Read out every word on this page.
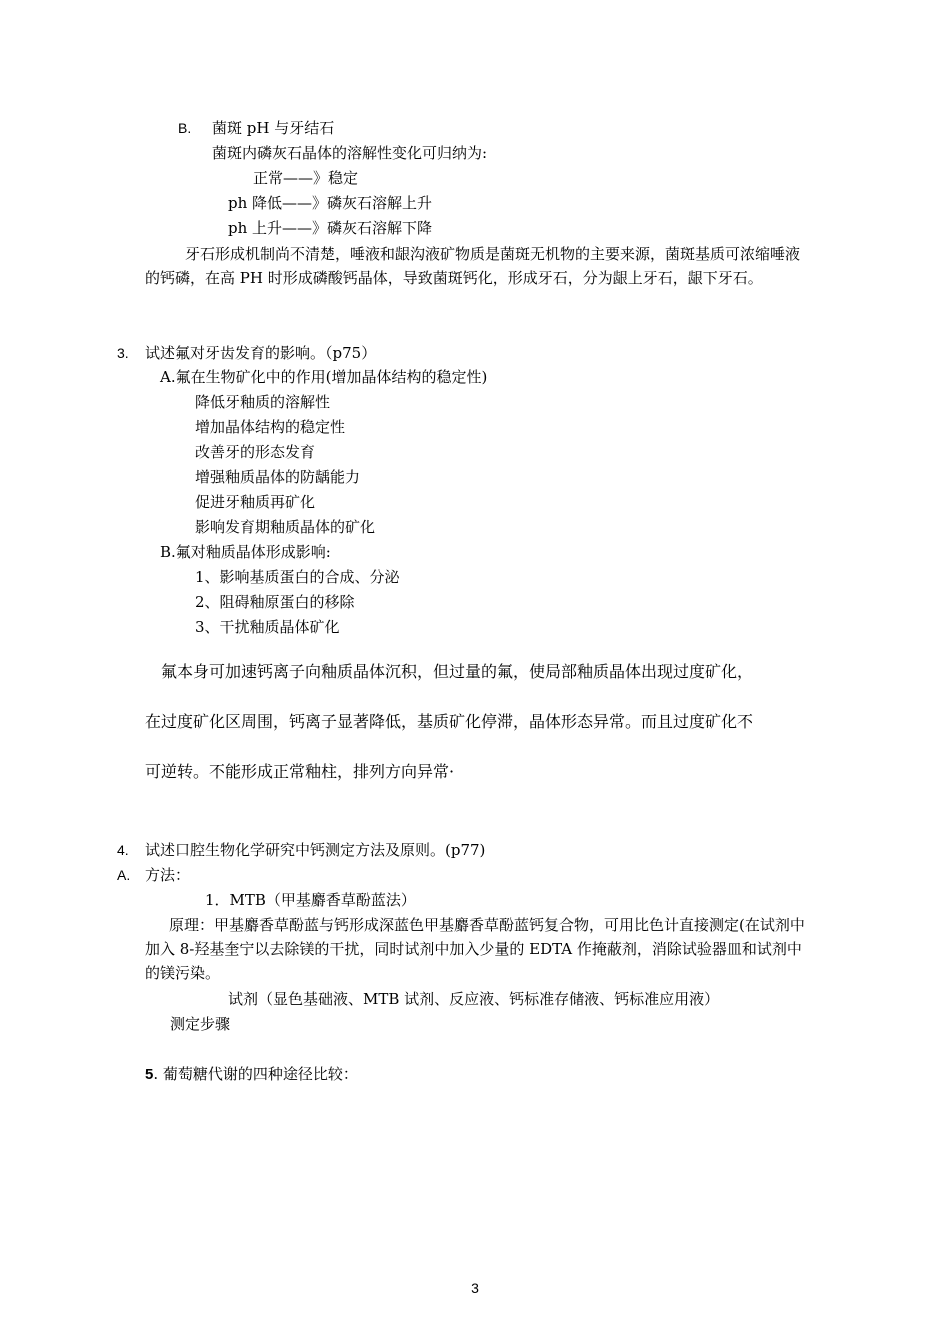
B. 菌斑 pH 与牙结石
菌斑内磷灰石晶体的溶解性变化可归纳为:
正常——》稳定
ph 降低——》磷灰石溶解上升
ph 上升——》磷灰石溶解下降
牙石形成机制尚不清楚，唾液和龈沟液矿物质是菌斑无机物的主要来源，菌斑基质可浓缩唾液的钙磷，在高 PH 时形成磷酸钙晶体，导致菌斑钙化，形成牙石，分为龈上牙石，龈下牙石。
3. 试述氟对牙齿发育的影响。（p75）
A.氟在生物矿化中的作用(增加晶体结构的稳定性)
降低牙釉质的溶解性
增加晶体结构的稳定性
改善牙的形态发育
增强釉质晶体的防龋能力
促进牙釉质再矿化
影响发育期釉质晶体的矿化
B.氟对釉质晶体形成影响:
1、影响基质蛋白的合成、分泌
2、阻碍釉原蛋白的移除
3、干扰釉质晶体矿化
氟本身可加速钙离子向釉质晶体沉积，但过量的氟，使局部釉质晶体出现过度矿化，
在过度矿化区周围，钙离子显著降低，基质矿化停滞，晶体形态异常。而且过度矿化不
可逆转。不能形成正常釉柱，排列方向异常·
4. 试述口腔生物化学研究中钙测定方法及原则。(p77)
A. 方法：
1．MTB（甲基麝香草酚蓝法）
原理：甲基麝香草酚蓝与钙形成深蓝色甲基麝香草酚蓝钙复合物，可用比色计直接测定(在试剂中加入 8-羟基奎宁以去除镁的干扰，同时试剂中加入少量的 EDTA 作掩蔽剂，消除试验器皿和试剂中的镁污染。
试剂（显色基础液、MTB 试剂、反应液、钙标准存储液、钙标准应用液）
测定步骤
5. 葡萄糖代谢的四种途径比较：
3
